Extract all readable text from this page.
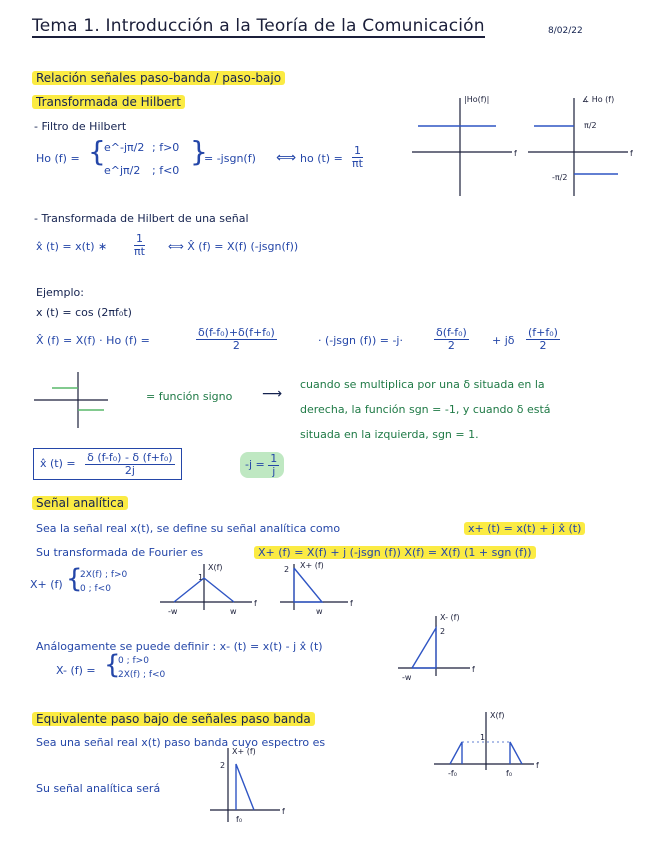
Tema 1. Introducción a la Teoría de la Comunicación	8/02/22
Relación señales paso-banda / paso-bajo
Transformada de Hilbert
- Filtro de Hilbert
Ho (f) = {
e^-jπ/2 ; f>0
e^jπ/2 ; f<0
}
= -jsgn(f) ⟺ ho $(t) = \frac{1}{\pi t}$
|Ho(f)|
f
∡ Ho (f)
π/2
-π/2
f
- Transformada de Hilbert de una señal
x̂ (t) = x(t) ∗ $\frac{1}{\pi t}$ ⟺ X̂ (f) = X(f) (-jsgn(f))
Ejemplo:
x (t) = cos (2πf₀t)
X̂ (f) = X(f) · Ho (f) =	$\frac{\text{δ(f-f₀)+δ(f+f₀)}}{2}$	· (-jsgn (f)) = -j·	$\frac{\text{δ(f-f₀)}}{2} + j\delta \frac{\text{(f+f₀)}}{2}$
= función signo ⟶
cuando se multiplica por una δ situada en la
derecha, la función sgn = -1, y cuando δ está
situada en la izquierda, sgn = 1.
x̂ $(t) = \frac{\text{δ (f-f₀) - δ (f+f₀)}}{2j}$	$-j = \frac{1}{j}$
Señal analítica
Sea la señal real x(t), se define su señal analítica como	x+ (t) = x(t) + j x̂ (t)
Su transformada de Fourier es	X+ (f) = X(f) + j (-jsgn (f)) X(f) = X(f) (1 + sgn (f))
X+ (f) {
2X(f) ; f>0
0 ; f<0
X(f)
1
-w	w
f
X+ (f)
2
w
f
Análogamente se puede definir : x- (t) = x(t) - j x̂ (t)
X- (f) = {
0 ; f>0
2X(f) ; f<0
X- (f)
2
-w
f
Equivalente paso bajo de señales paso banda
Sea una señal real x(t) paso banda cuyo espectro es
X(f)
1
-f₀	f₀
f
Su señal analítica será
X+ (f)
2
f₀
f
